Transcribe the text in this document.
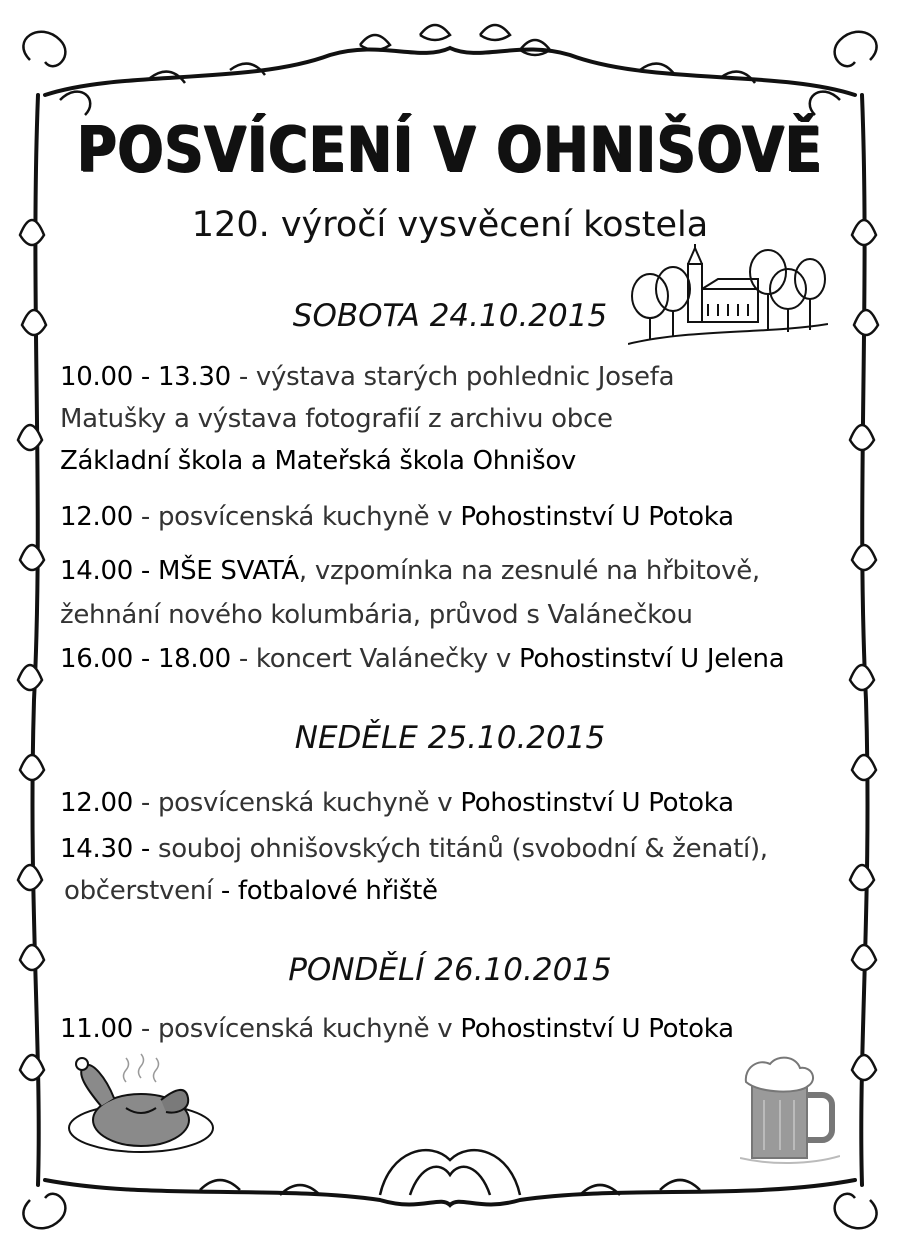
POSVÍCENÍ V OHNIŠOVĚ
120. výročí vysvěcení kostela
SOBOTA 24.10.2015
10.00 - 13.30 - výstava starých pohlednic Josefa
Matušky a výstava fotografií z archivu obce
Základní škola a Mateřská škola Ohnišov
12.00 - posvícenská kuchyně v Pohostinství U Potoka
14.00 - MŠE SVATÁ, vzpomínka na zesnulé na hřbitově,
žehnání nového kolumbária, průvod s Valánečkou
16.00 - 18.00 - koncert Valánečky v Pohostinství U Jelena
NEDĚLE 25.10.2015
12.00 - posvícenská kuchyně v Pohostinství U Potoka
14.30 - souboj ohnišovských titánů (svobodní & ženatí),
občerstvení - fotbalové hřiště
PONDĚLÍ 26.10.2015
11.00 - posvícenská kuchyně v Pohostinství U Potoka
